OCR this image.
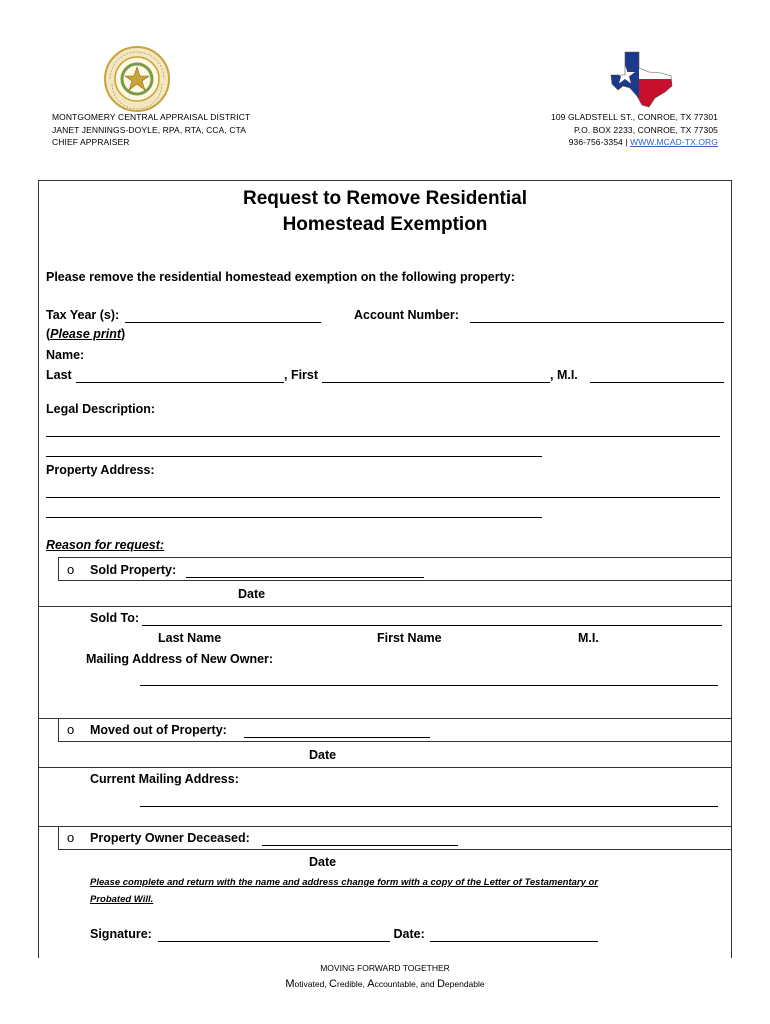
MONTGOMERY CENTRAL APPRAISAL DISTRICT
JANET JENNINGS-DOYLE, RPA, RTA, CCA, CTA
CHIEF APPRAISER
109 GLADSTELL ST., CONROE, TX 77301
P.O. BOX 2233, CONROE, TX 77305
936-756-3354 | WWW.MCAD-TX.ORG
Request to Remove Residential
Homestead Exemption
Please remove the residential homestead exemption on the following property:
Tax Year (s):	Account Number:
(Please print)
Name:
Last	, First	, M.I.
Legal Description:
Property Address:
Reason for request:
o Sold Property:
Date
Sold To:
Last Name	First Name	M.I.
Mailing Address of New Owner:
o Moved out of Property:
Date
Current Mailing Address:
o Property Owner Deceased:
Date
Please complete and return with the name and address change form with a copy of the Letter of Testamentary or
Probated Will.
Signature:	Date:
MOVING FORWARD TOGETHER
Motivated, Credible, Accountable, and Dependable
